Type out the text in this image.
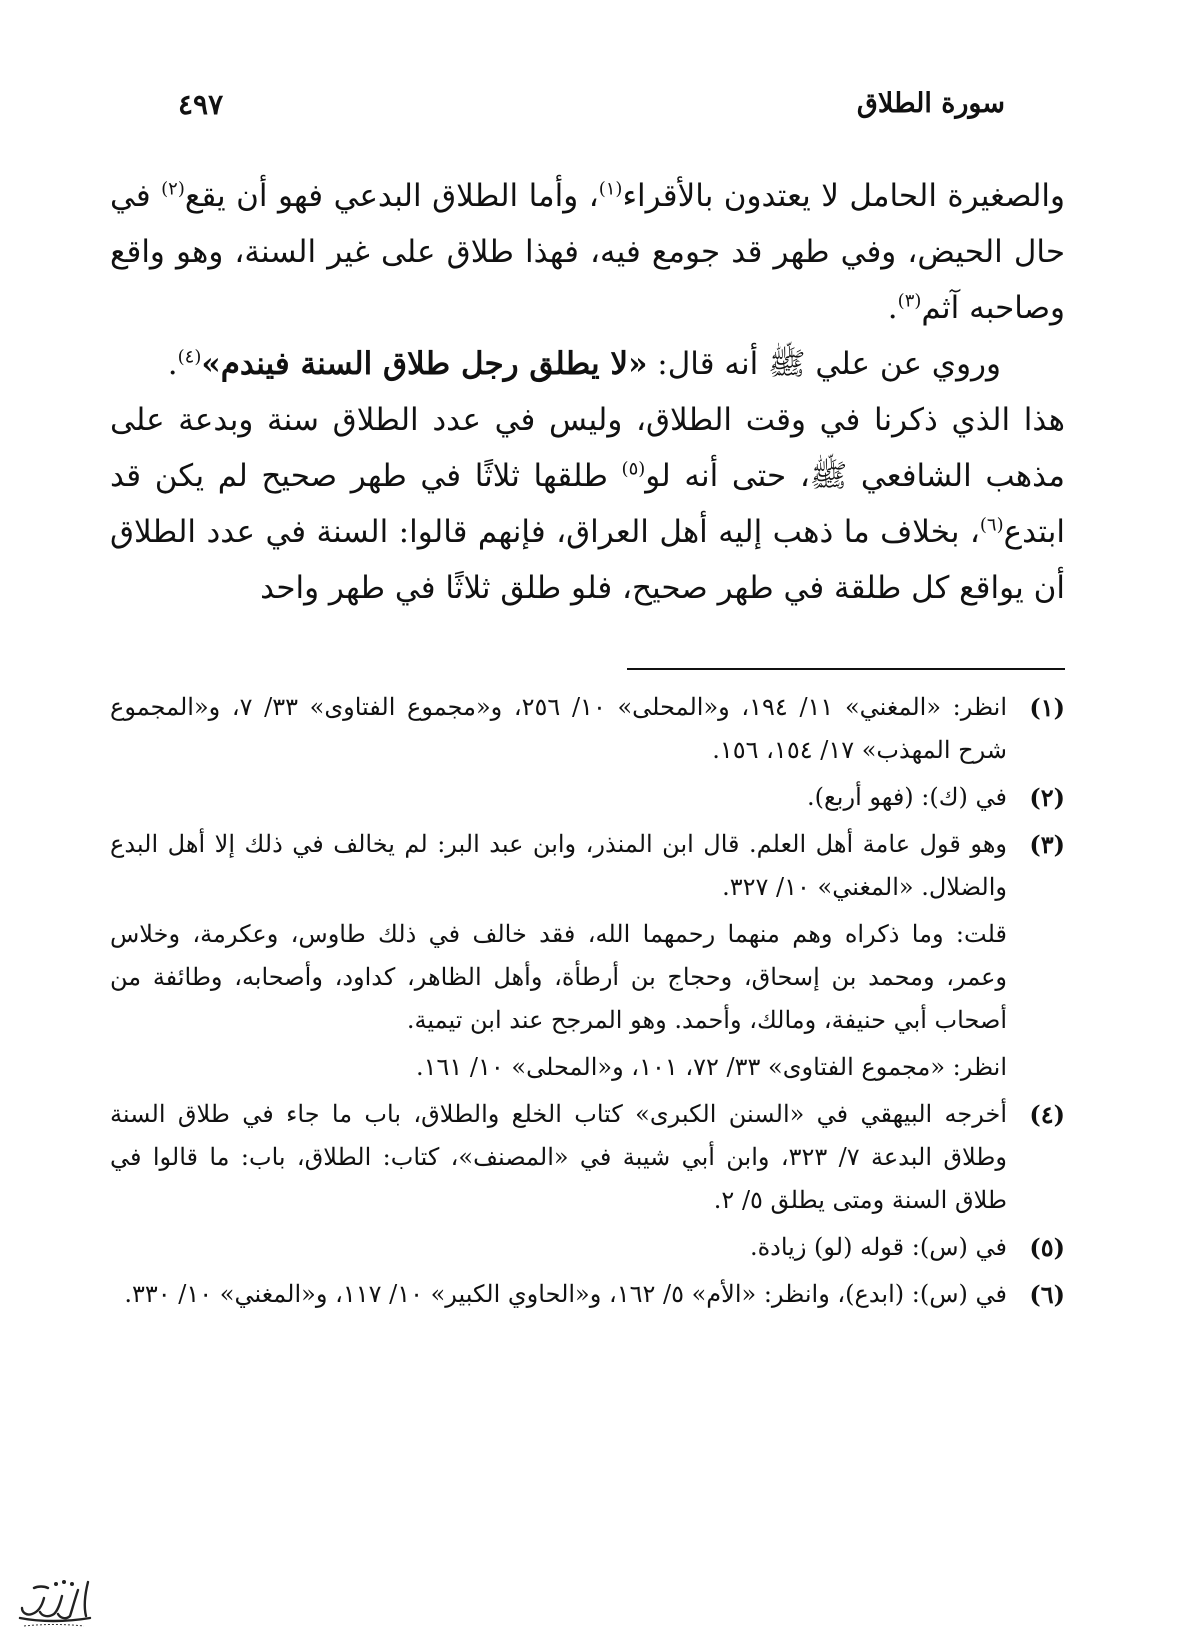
سورة الطلاق
٤٩٧

والصغيرة الحامل لا يعتدون بالأقراء$^{(١)}$، وأما الطلاق البدعي فهو أن يقع$^{(٢)}$ في حال الحيض، وفي طهر قد جومع فيه، فهذا طلاق على غير السنة، وهو واقع وصاحبه آثم$^{(٣)}$.

وروي عن علي ﷺ أنه قال: «لا يطلق رجل طلاق السنة فيندم»$^{(٤)}$.

هذا الذي ذكرنا في وقت الطلاق، وليس في عدد الطلاق سنة وبدعة على مذهب الشافعي ﷺ، حتى أنه لو$^{(٥)}$ طلقها ثلاثًا في طهر صحيح لم يكن قد ابتدع$^{(٦)}$، بخلاف ما ذهب إليه أهل العراق، فإنهم قالوا: السنة في عدد الطلاق أن يواقع كل طلقة في طهر صحيح، فلو طلق ثلاثًا في طهر واحد

(١)

انظر: «المغني» ١١/ ١٩٤، و«المحلى» ١٠/ ٢٥٦، و«مجموع الفتاوى» ٣٣/ ٧، و«المجموع شرح المهذب» ١٧/ ١٥٤، ١٥٦.

(٢)

في (ك): (فهو أربع).

(٣)

وهو قول عامة أهل العلم. قال ابن المنذر، وابن عبد البر: لم يخالف في ذلك إلا أهل البدع والضلال. «المغني» ١٠/ ٣٢٧.

قلت: وما ذكراه وهم منهما رحمهما الله، فقد خالف في ذلك طاوس، وعكرمة، وخلاس وعمر، ومحمد بن إسحاق، وحجاج بن أرطأة، وأهل الظاهر، كداود، وأصحابه، وطائفة من أصحاب أبي حنيفة، ومالك، وأحمد. وهو المرجح عند ابن تيمية.

انظر: «مجموع الفتاوى» ٣٣/ ٧٢، ١٠١، و«المحلى» ١٠/ ١٦١.

(٤)

أخرجه البيهقي في «السنن الكبرى» كتاب الخلع والطلاق، باب ما جاء في طلاق السنة وطلاق البدعة ٧/ ٣٢٣، وابن أبي شيبة في «المصنف»، كتاب: الطلاق، باب: ما قالوا في طلاق السنة ومتى يطلق ٥/ ٢.

(٥)

في (س): قوله (لو) زيادة.

(٦)

في (س): (ابدع)، وانظر: «الأم» ٥/ ١٦٢، و«الحاوي الكبير» ١٠/ ١١٧، و«المغني» ١٠/ ٣٣٠.
